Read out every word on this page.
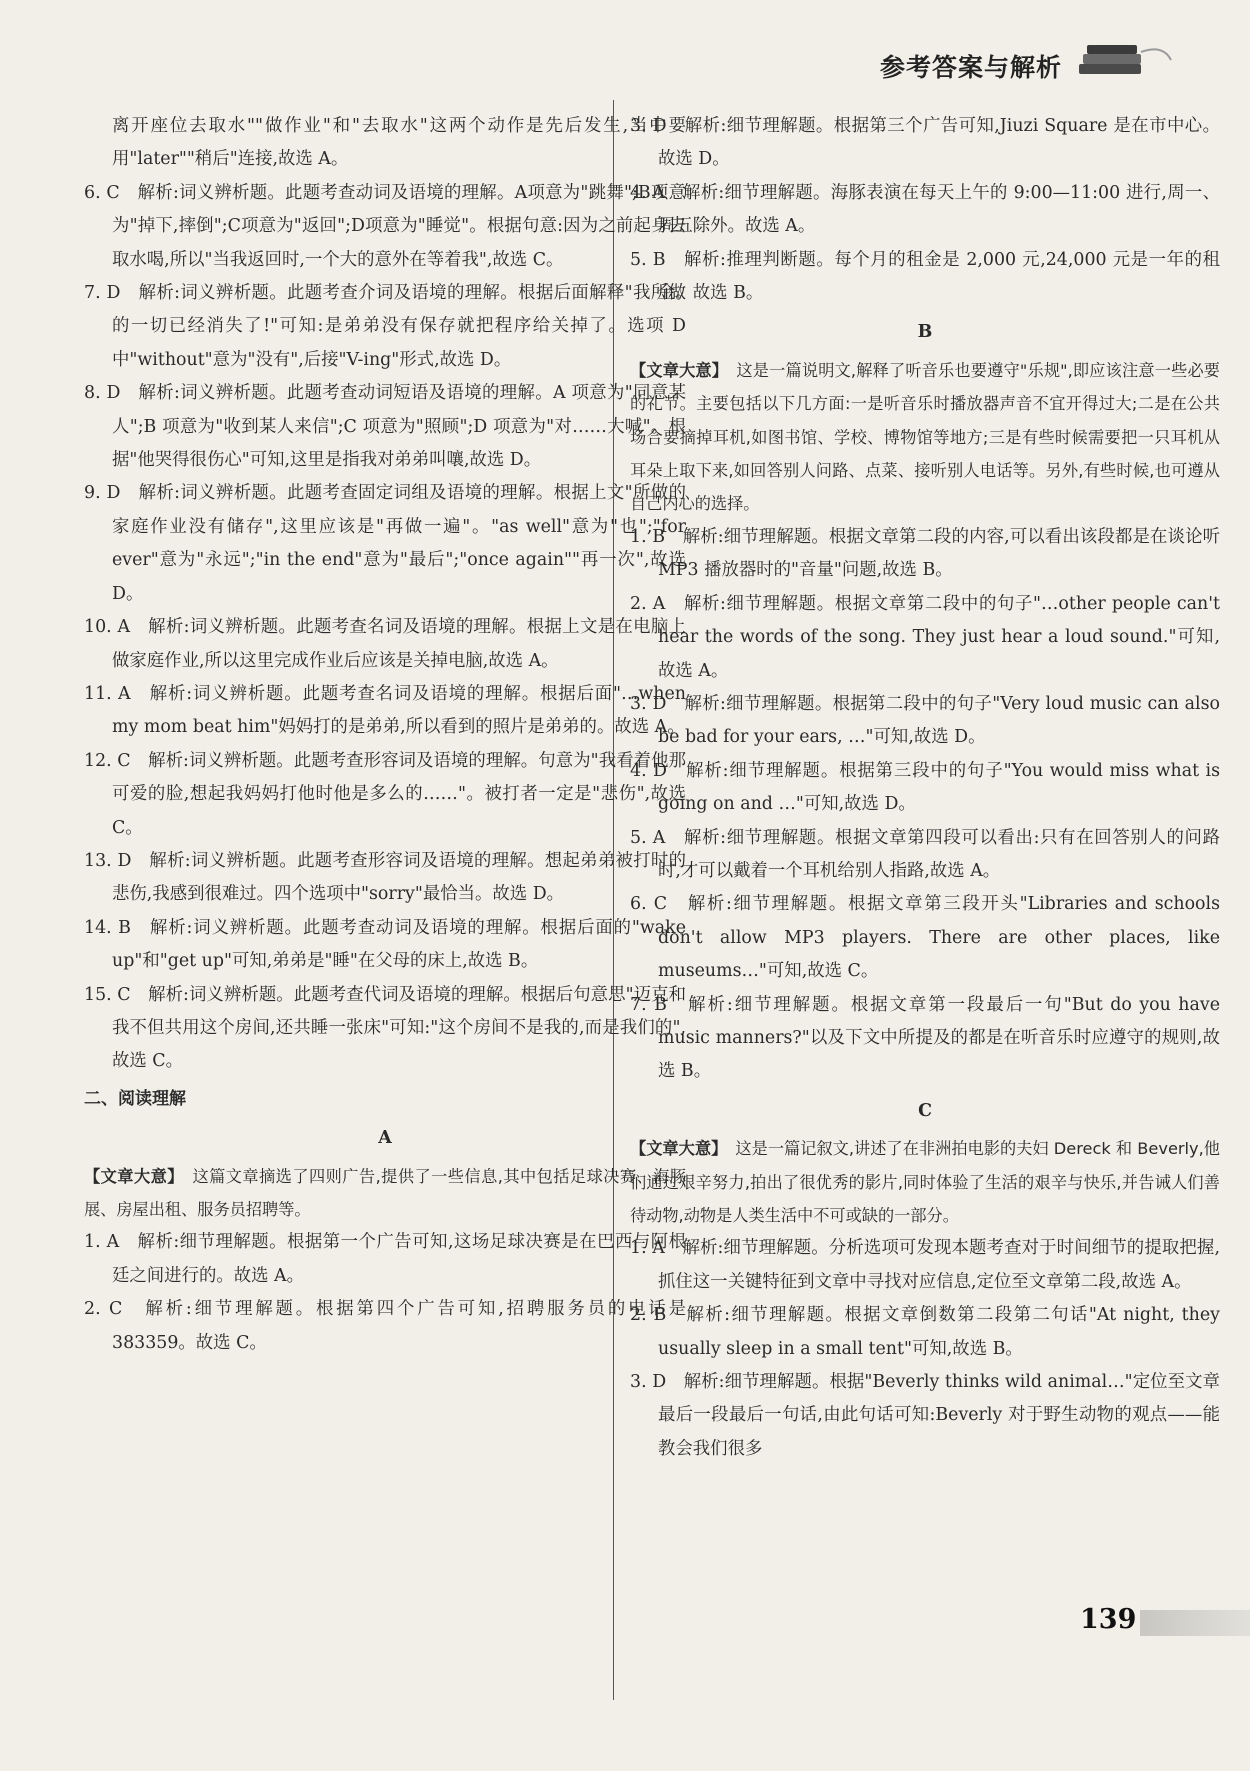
参考答案与解析

离开座位去取水""做作业"和"去取水"这两个动作是先后发生,当中要用"later""稍后"连接,故选 A。

6. C　解析:词义辨析题。此题考查动词及语境的理解。A项意为"跳舞";B项意为"掉下,摔倒";C项意为"返回";D项意为"睡觉"。根据句意:因为之前起身去取水喝,所以"当我返回时,一个大的意外在等着我",故选 C。

7. D　解析:词义辨析题。此题考查介词及语境的理解。根据后面解释"我所做的一切已经消失了!"可知:是弟弟没有保存就把程序给关掉了。选项 D 中"without"意为"没有",后接"V-ing"形式,故选 D。

8. D　解析:词义辨析题。此题考查动词短语及语境的理解。A 项意为"同意某人";B 项意为"收到某人来信";C 项意为"照顾";D 项意为"对……大喊"。根据"他哭得很伤心"可知,这里是指我对弟弟叫嚷,故选 D。

9. D　解析:词义辨析题。此题考查固定词组及语境的理解。根据上文"所做的家庭作业没有储存",这里应该是"再做一遍"。"as well"意为"也";"for ever"意为"永远";"in the end"意为"最后";"once again""再一次",故选 D。

10. A　解析:词义辨析题。此题考查名词及语境的理解。根据上文是在电脑上做家庭作业,所以这里完成作业后应该是关掉电脑,故选 A。

11. A　解析:词义辨析题。此题考查名词及语境的理解。根据后面"…when my mom beat him"妈妈打的是弟弟,所以看到的照片是弟弟的。故选 A。

12. C　解析:词义辨析题。此题考查形容词及语境的理解。句意为"我看着他那可爱的脸,想起我妈妈打他时他是多么的……"。被打者一定是"悲伤",故选 C。

13. D　解析:词义辨析题。此题考查形容词及语境的理解。想起弟弟被打时的悲伤,我感到很难过。四个选项中"sorry"最恰当。故选 D。

14. B　解析:词义辨析题。此题考查动词及语境的理解。根据后面的"wake up"和"get up"可知,弟弟是"睡"在父母的床上,故选 B。

15. C　解析:词义辨析题。此题考查代词及语境的理解。根据后句意思"迈克和我不但共用这个房间,还共睡一张床"可知:"这个房间不是我的,而是我们的",故选 C。

二、阅读理解

A

【文章大意】　这篇文章摘选了四则广告,提供了一些信息,其中包括足球决赛、海豚展、房屋出租、服务员招聘等。

1. A　解析:细节理解题。根据第一个广告可知,这场足球决赛是在巴西与阿根廷之间进行的。故选 A。

2. C　解析:细节理解题。根据第四个广告可知,招聘服务员的电话是 383359。故选 C。

3. D　解析:细节理解题。根据第三个广告可知,Jiuzi Square 是在市中心。故选 D。

4. A　解析:细节理解题。海豚表演在每天上午的 9:00—11:00 进行,周一、周五除外。故选 A。

5. B　解析:推理判断题。每个月的租金是 2,000 元,24,000 元是一年的租金。故选 B。

B

【文章大意】　这是一篇说明文,解释了听音乐也要遵守"乐规",即应该注意一些必要的礼节。主要包括以下几方面:一是听音乐时播放器声音不宜开得过大;二是在公共场合要摘掉耳机,如图书馆、学校、博物馆等地方;三是有些时候需要把一只耳机从耳朵上取下来,如回答别人问路、点菜、接听别人电话等。另外,有些时候,也可遵从自己内心的选择。

1. B　解析:细节理解题。根据文章第二段的内容,可以看出该段都是在谈论听 MP3 播放器时的"音量"问题,故选 B。

2. A　解析:细节理解题。根据文章第二段中的句子"…other people can't hear the words of the song. They just hear a loud sound."可知,故选 A。

3. D　解析:细节理解题。根据第二段中的句子"Very loud music can also be bad for your ears, …"可知,故选 D。

4. D　解析:细节理解题。根据第三段中的句子"You would miss what is going on and …"可知,故选 D。

5. A　解析:细节理解题。根据文章第四段可以看出:只有在回答别人的问路时,才可以戴着一个耳机给别人指路,故选 A。

6. C　解析:细节理解题。根据文章第三段开头"Libraries and schools don't allow MP3 players. There are other places, like museums…"可知,故选 C。

7. B　解析:细节理解题。根据文章第一段最后一句"But do you have music manners?"以及下文中所提及的都是在听音乐时应遵守的规则,故选 B。

C

【文章大意】　这是一篇记叙文,讲述了在非洲拍电影的夫妇 Dereck 和 Beverly,他们通过艰辛努力,拍出了很优秀的影片,同时体验了生活的艰辛与快乐,并告诫人们善待动物,动物是人类生活中不可或缺的一部分。

1. A　解析:细节理解题。分析选项可发现本题考查对于时间细节的提取把握,抓住这一关键特征到文章中寻找对应信息,定位至文章第二段,故选 A。

2. B　解析:细节理解题。根据文章倒数第二段第二句话"At night, they usually sleep in a small tent"可知,故选 B。

3. D　解析:细节理解题。根据"Beverly thinks wild animal…"定位至文章最后一段最后一句话,由此句话可知:Beverly 对于野生动物的观点——能教会我们很多

139
